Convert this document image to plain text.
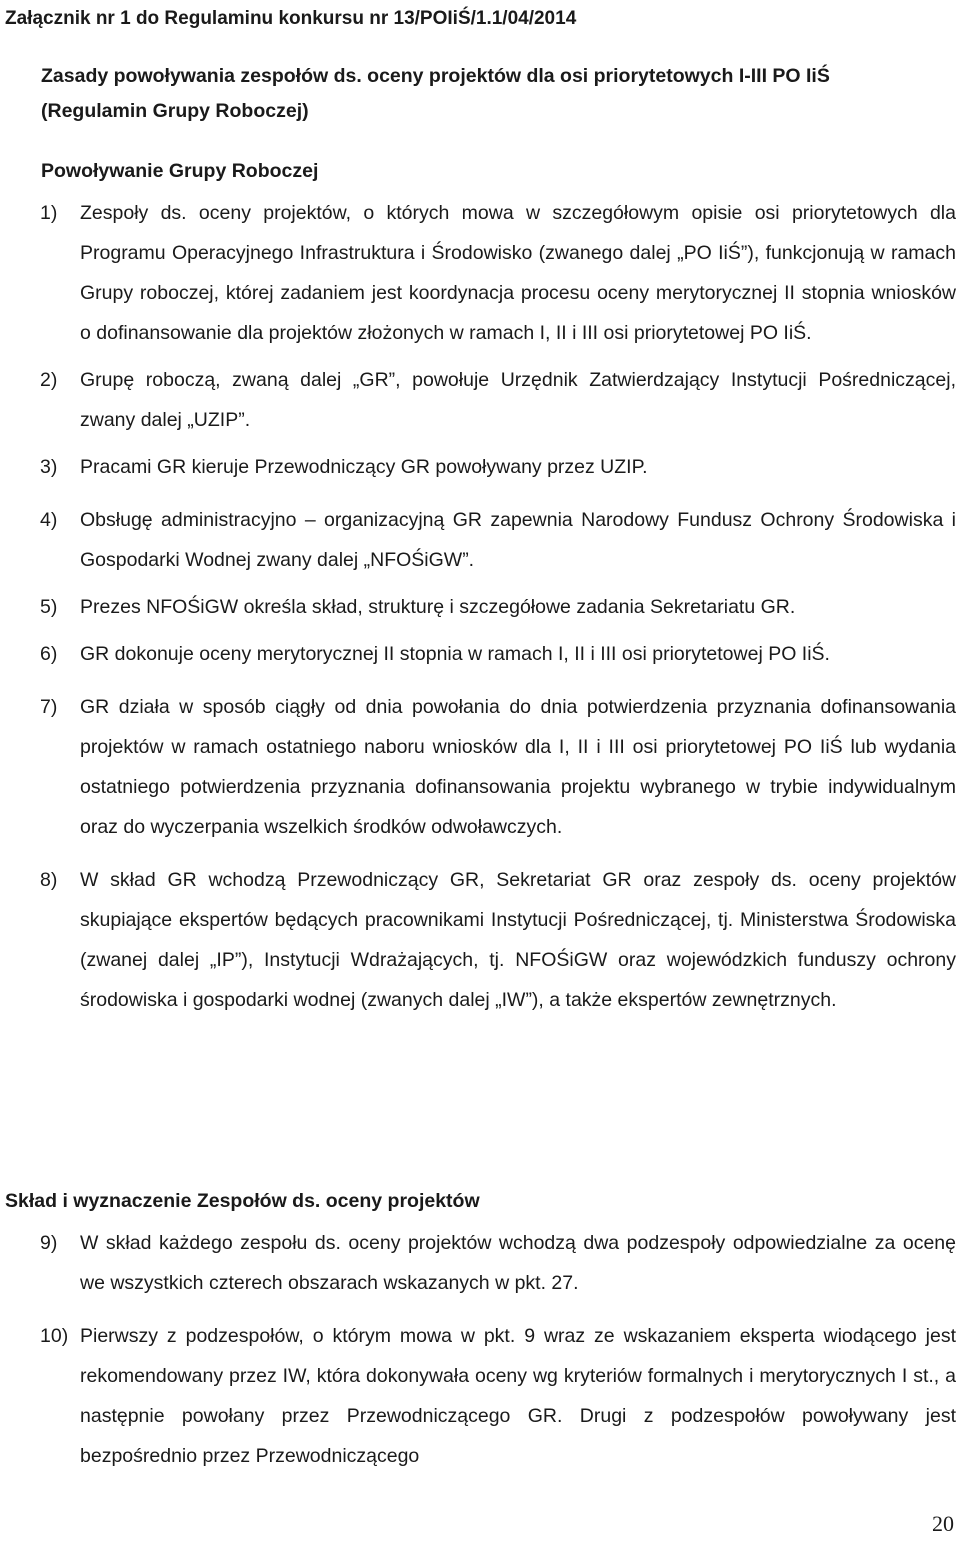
Załącznik nr 1 do Regulaminu konkursu nr 13/POIiŚ/1.1/04/2014
Zasady powoływania zespołów ds. oceny projektów dla osi priorytetowych I-III PO IiŚ
(Regulamin Grupy Roboczej)
Powoływanie Grupy Roboczej
1) Zespoły ds. oceny projektów, o których mowa w szczegółowym opisie osi priorytetowych dla Programu Operacyjnego Infrastruktura i Środowisko (zwanego dalej „PO IiŚ”), funkcjonują w ramach Grupy roboczej, której zadaniem jest koordynacja procesu oceny merytorycznej II stopnia wniosków o dofinansowanie dla projektów złożonych w ramach I, II i III osi priorytetowej PO IiŚ.
2) Grupę roboczą, zwaną dalej „GR”, powołuje Urzędnik Zatwierdzający Instytucji Pośredniczącej, zwany dalej „UZIP”.
3) Pracami GR kieruje Przewodniczący GR powoływany przez UZIP.
4) Obsługę administracyjno – organizacyjną GR zapewnia Narodowy Fundusz Ochrony Środowiska i Gospodarki Wodnej zwany dalej „NFOŚiGW”.
5) Prezes NFOŚiGW określa skład, strukturę i szczegółowe zadania Sekretariatu GR.
6) GR dokonuje oceny merytorycznej II stopnia w ramach I, II i III osi priorytetowej PO IiŚ.
7) GR działa w sposób ciągły od dnia powołania do dnia potwierdzenia przyznania dofinansowania projektów w ramach ostatniego naboru wniosków dla I, II i III osi priorytetowej PO IiŚ lub wydania ostatniego potwierdzenia przyznania dofinansowania projektu wybranego w trybie indywidualnym oraz do wyczerpania wszelkich środków odwoławczych.
8) W skład GR wchodzą Przewodniczący GR, Sekretariat GR oraz zespoły ds. oceny projektów skupiające ekspertów będących pracownikami Instytucji Pośredniczącej, tj. Ministerstwa Środowiska (zwanej dalej „IP”), Instytucji Wdrażających, tj. NFOŚiGW oraz wojewódzkich funduszy ochrony środowiska i gospodarki wodnej (zwanych dalej „IW”), a także ekspertów zewnętrznych.
Skład i wyznaczenie Zespołów ds. oceny projektów
9) W skład każdego zespołu ds. oceny projektów wchodzą dwa podzespoły odpowiedzialne za ocenę we wszystkich czterech obszarach wskazanych w pkt. 27.
10) Pierwszy z podzespołów, o którym mowa w pkt. 9 wraz ze wskazaniem eksperta wiodącego jest rekomendowany przez IW, która dokonywała oceny wg kryteriów formalnych i merytorycznych I st., a następnie powołany przez Przewodniczącego GR. Drugi z podzespołów powoływany jest bezpośrednio przez Przewodniczącego
20
